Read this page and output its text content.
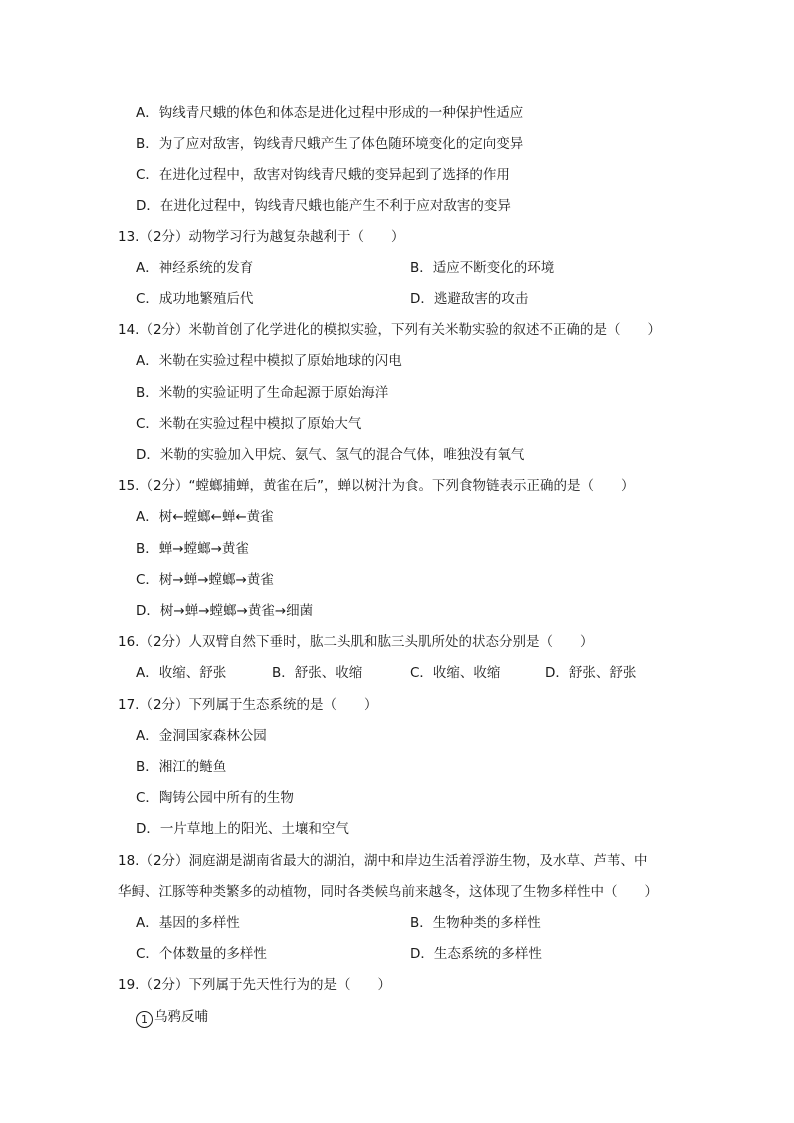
A．钩线青尺蛾的体色和体态是进化过程中形成的一种保护性适应
B．为了应对敌害，钩线青尺蛾产生了体色随环境变化的定向变异
C．在进化过程中，敌害对钩线青尺蛾的变异起到了选择的作用
D．在进化过程中，钩线青尺蛾也能产生不利于应对敌害的变异
13.（2分）动物学习行为越复杂越利于（　　）
A．神经系统的发育	B．适应不断变化的环境
C．成功地繁殖后代	D．逃避敌害的攻击
14.（2分）米勒首创了化学进化的模拟实验，下列有关米勒实验的叙述不正确的是（　　）
A．米勒在实验过程中模拟了原始地球的闪电
B．米勒的实验证明了生命起源于原始海洋
C．米勒在实验过程中模拟了原始大气
D．米勒的实验加入甲烷、氨气、氢气的混合气体，唯独没有氧气
15.（2分）“螳螂捕蝉，黄雀在后”，蝉以树汁为食。下列食物链表示正确的是（　　）
A．树←螳螂←蝉←黄雀
B．蝉→螳螂→黄雀
C．树→蝉→螳螂→黄雀
D．树→蝉→螳螂→黄雀→细菌
16.（2分）人双臂自然下垂时，肱二头肌和肱三头肌所处的状态分别是（　　）
A．收缩、舒张	B．舒张、收缩	C．收缩、收缩	D．舒张、舒张
17.（2分）下列属于生态系统的是（　　）
A．金洞国家森林公园
B．湘江的鲢鱼
C．陶铸公园中所有的生物
D．一片草地上的阳光、土壤和空气
18.（2分）洞庭湖是湖南省最大的湖泊，湖中和岸边生活着浮游生物，及水草、芦苇、中
华鲟、江豚等种类繁多的动植物，同时各类候鸟前来越冬，这体现了生物多样性中（　　）
A．基因的多样性	B．生物种类的多样性
C．个体数量的多样性	D．生态系统的多样性
19.（2分）下列属于先天性行为的是（　　）
1 乌鸦反哺
